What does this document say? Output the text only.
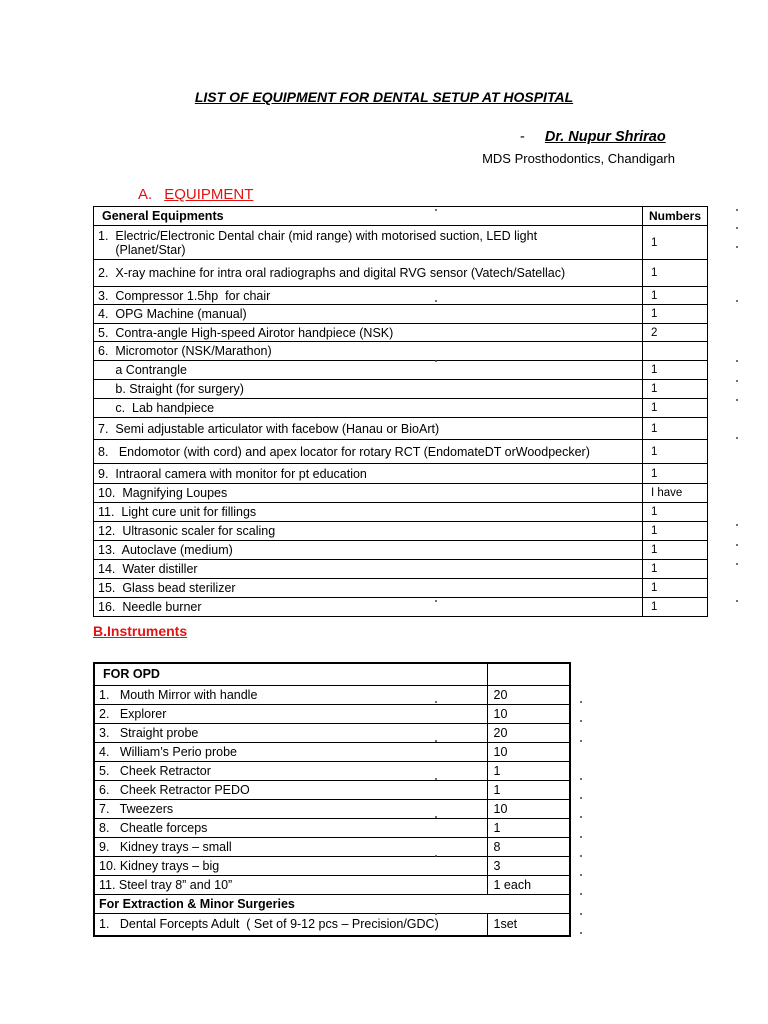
LIST OF EQUIPMENT FOR DENTAL SETUP AT HOSPITAL
- Dr. Nupur Shrirao
MDS Prosthodontics, Chandigarh
A. EQUIPMENT
General Equipments	Numbers
1.  Electric/Electronic Dental chair (mid range) with motorised suction, LED light
(Planet/Star)	1
2.  X-ray machine for intra oral radiographs and digital RVG sensor (Vatech/Satellac)	1
3.  Compressor 1.5hp  for chair	1
4.  OPG Machine (manual)	1
5.  Contra-angle High-speed Airotor handpiece (NSK)	2
6.  Micromotor (NSK/Marathon)	
a Contrangle	1
b. Straight (for surgery)	1
c.  Lab handpiece	1
7.  Semi adjustable articulator with facebow (Hanau or BioArt)	1
8.   Endomotor (with cord) and apex locator for rotary RCT (EndomateDT orWoodpecker)	1
9.  Intraoral camera with monitor for pt education	1
10.  Magnifying Loupes	I have
11.  Light cure unit for fillings	1
12.  Ultrasonic scaler for scaling	1
13.  Autoclave (medium)	1
14.  Water distiller	1
15.  Glass bead sterilizer	1
16.  Needle burner	1
B.Instruments
FOR OPD	
1.   Mouth Mirror with handle	20
2.   Explorer	10
3.   Straight probe	20
4.   William’s Perio probe	10
5.   Cheek Retractor	1
6.   Cheek Retractor PEDO	1
7.   Tweezers	10
8.   Cheatle forceps	1
9.   Kidney trays – small	8
10. Kidney trays – big	3
11. Steel tray 8” and 10”	1 each
For Extraction & Minor Surgeries	
1.   Dental Forcepts Adult  ( Set of 9-12 pcs – Precision/GDC)	1set
